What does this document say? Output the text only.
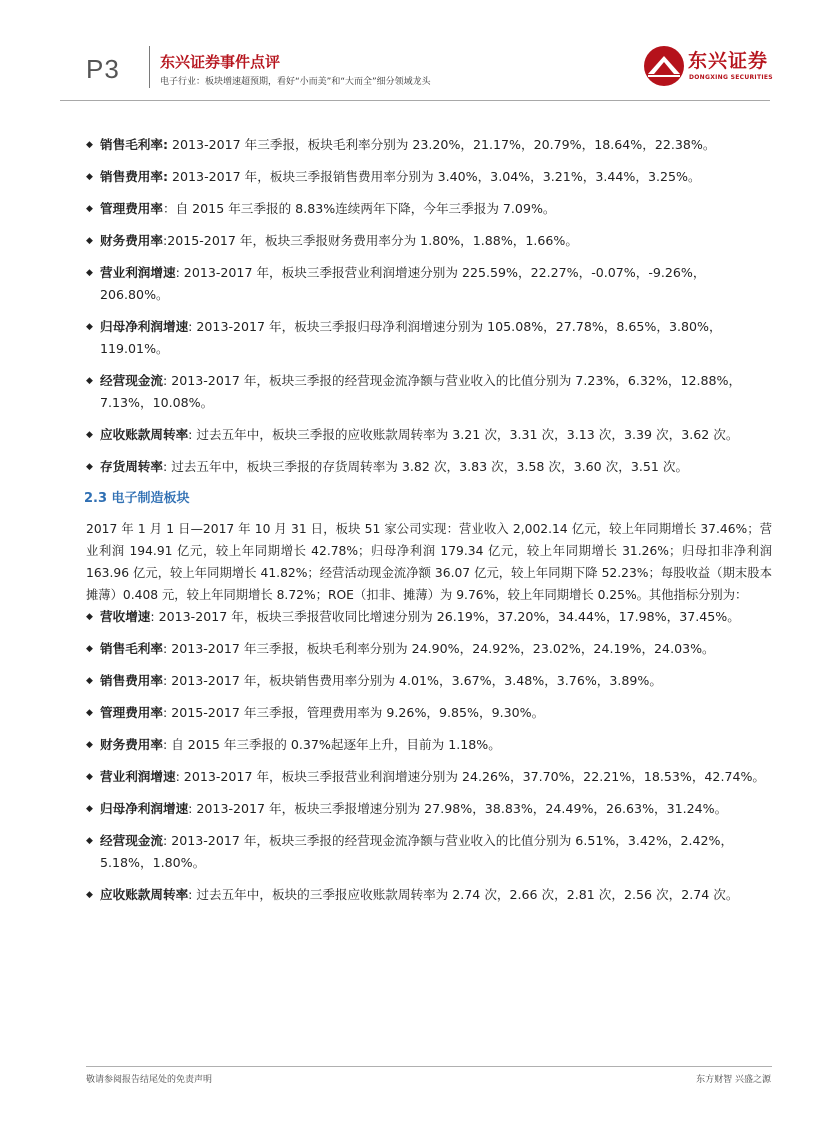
P3	东兴证券事件点评
电子行业：板块增速超预期，看好“小而美”和“大而全”细分领域龙头
东兴证券
DONGXING SECURITIES
◆ 销售毛利率: 2013-2017 年三季报，板块毛利率分别为 23.20%，21.17%，20.79%，18.64%，22.38%。
◆ 销售费用率: 2013-2017 年，板块三季报销售费用率分别为 3.40%，3.04%，3.21%，3.44%，3.25%。
◆ 管理费用率：自 2015 年三季报的 8.83%连续两年下降，今年三季报为 7.09%。
◆ 财务费用率:2015-2017 年，板块三季报财务费用率分为 1.80%，1.88%，1.66%。
◆ 营业利润增速: 2013-2017 年，板块三季报营业利润增速分别为 225.59%，22.27%，-0.07%，-9.26%，206.80%。
◆ 归母净利润增速: 2013-2017 年，板块三季报归母净利润增速分别为 105.08%，27.78%，8.65%，3.80%，119.01%。
◆ 经营现金流: 2013-2017 年，板块三季报的经营现金流净额与营业收入的比值分别为 7.23%，6.32%，12.88%，7.13%，10.08%。
◆ 应收账款周转率: 过去五年中，板块三季报的应收账款周转率为 3.21 次，3.31 次，3.13 次，3.39 次，3.62 次。
◆ 存货周转率: 过去五年中，板块三季报的存货周转率为 3.82 次，3.83 次，3.58 次，3.60 次，3.51 次。
2.3 电子制造板块
2017 年 1 月 1 日—2017 年 10 月 31 日，板块 51 家公司实现：营业收入 2,002.14 亿元，较上年同期增长 37.46%；营业利润 194.91 亿元，较上年同期增长 42.78%；归母净利润 179.34 亿元，较上年同期增长 31.26%；归母扣非净利润 163.96 亿元，较上年同期增长 41.82%；经营活动现金流净额 36.07 亿元，较上年同期下降 52.23%；每股收益（期末股本摊薄）0.408 元，较上年同期增长 8.72%；ROE（扣非、摊薄）为 9.76%，较上年同期增长 0.25%。其他指标分别为：
◆ 营收增速: 2013-2017 年，板块三季报营收同比增速分别为 26.19%，37.20%，34.44%，17.98%，37.45%。
◆ 销售毛利率: 2013-2017 年三季报，板块毛利率分别为 24.90%，24.92%，23.02%，24.19%，24.03%。
◆ 销售费用率: 2013-2017 年，板块销售费用率分别为 4.01%，3.67%，3.48%，3.76%，3.89%。
◆ 管理费用率: 2015-2017 年三季报，管理费用率为 9.26%，9.85%，9.30%。
◆ 财务费用率: 自 2015 年三季报的 0.37%起逐年上升，目前为 1.18%。
◆ 营业利润增速: 2013-2017 年，板块三季报营业利润增速分别为 24.26%，37.70%，22.21%，18.53%，42.74%。
◆ 归母净利润增速: 2013-2017 年，板块三季报增速分别为 27.98%，38.83%，24.49%，26.63%，31.24%。
◆ 经营现金流: 2013-2017 年，板块三季报的经营现金流净额与营业收入的比值分别为 6.51%，3.42%，2.42%，5.18%，1.80%。
◆ 应收账款周转率: 过去五年中，板块的三季报应收账款周转率为 2.74 次，2.66 次，2.81 次，2.56 次，2.74 次。
敬请参阅报告结尾处的免责声明	东方财智 兴盛之源
